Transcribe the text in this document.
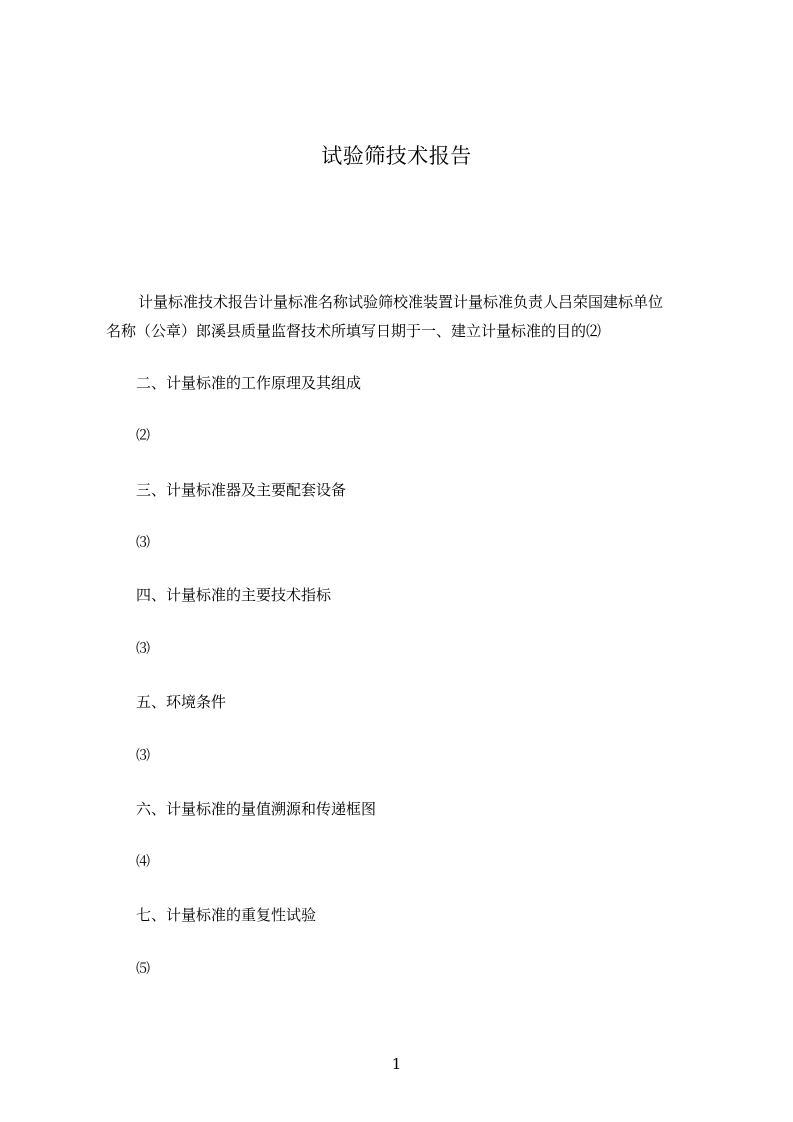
试验筛技术报告
计量标准技术报告计量标准名称试验筛校准装置计量标准负责人吕荣国建标单位
名称（公章）郎溪县质量监督技术所填写日期于一、建立计量标准的目的⑵
二、计量标准的工作原理及其组成
⑵
三、计量标准器及主要配套设备
⑶
四、计量标准的主要技术指标
⑶
五、环境条件
⑶
六、计量标准的量值溯源和传递框图
⑷
七、计量标准的重复性试验
⑸
1
